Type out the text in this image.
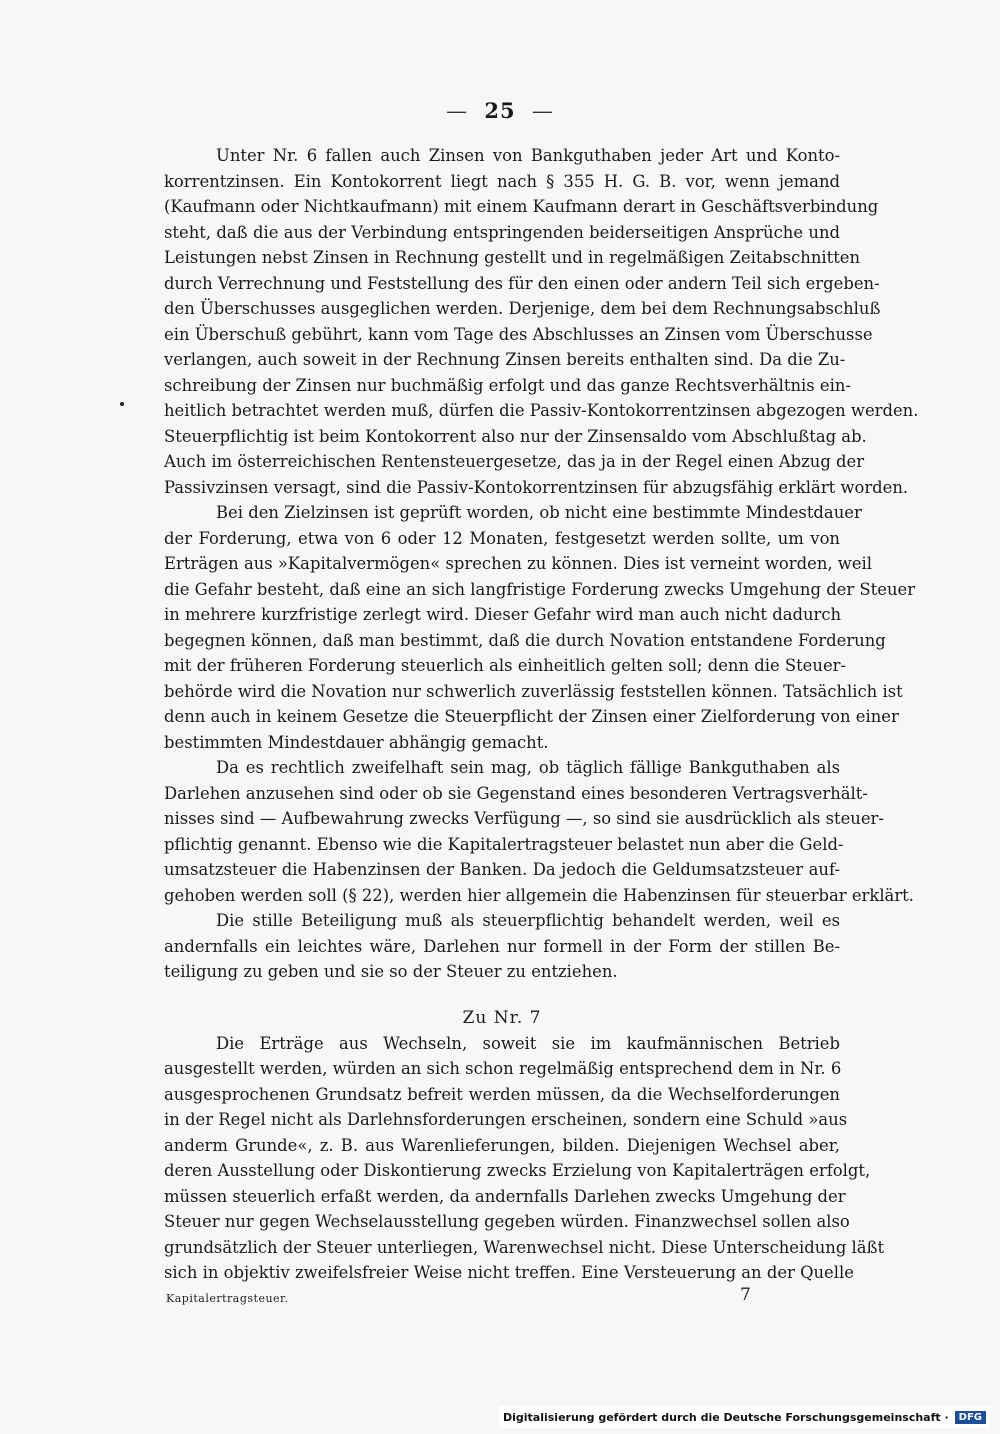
— 25 —
Unter Nr. 6 fallen auch Zinsen von Bankguthaben jeder Art und Konto-
korrentzinsen. Ein Kontokorrent liegt nach § 355 H. G. B. vor, wenn jemand
(Kaufmann oder Nichtkaufmann) mit einem Kaufmann derart in Geschäftsverbindung
steht, daß die aus der Verbindung entspringenden beiderseitigen Ansprüche und
Leistungen nebst Zinsen in Rechnung gestellt und in regelmäßigen Zeitabschnitten
durch Verrechnung und Feststellung des für den einen oder andern Teil sich ergeben-
den Überschusses ausgeglichen werden. Derjenige, dem bei dem Rechnungsabschluß
ein Überschuß gebührt, kann vom Tage des Abschlusses an Zinsen vom Überschusse
verlangen, auch soweit in der Rechnung Zinsen bereits enthalten sind. Da die Zu-
schreibung der Zinsen nur buchmäßig erfolgt und das ganze Rechtsverhältnis ein-
heitlich betrachtet werden muß, dürfen die Passiv-Kontokorrentzinsen abgezogen werden.
Steuerpflichtig ist beim Kontokorrent also nur der Zinsensaldo vom Abschlußtag ab.
Auch im österreichischen Rentensteuergesetze, das ja in der Regel einen Abzug der
Passivzinsen versagt, sind die Passiv-Kontokorrentzinsen für abzugsfähig erklärt worden.
Bei den Zielzinsen ist geprüft worden, ob nicht eine bestimmte Mindestdauer
der Forderung, etwa von 6 oder 12 Monaten, festgesetzt werden sollte, um von
Erträgen aus »Kapitalvermögen« sprechen zu können. Dies ist verneint worden, weil
die Gefahr besteht, daß eine an sich langfristige Forderung zwecks Umgehung der Steuer
in mehrere kurzfristige zerlegt wird. Dieser Gefahr wird man auch nicht dadurch
begegnen können, daß man bestimmt, daß die durch Novation entstandene Forderung
mit der früheren Forderung steuerlich als einheitlich gelten soll; denn die Steuer-
behörde wird die Novation nur schwerlich zuverlässig feststellen können. Tatsächlich ist
denn auch in keinem Gesetze die Steuerpflicht der Zinsen einer Zielforderung von einer
bestimmten Mindestdauer abhängig gemacht.
Da es rechtlich zweifelhaft sein mag, ob täglich fällige Bankguthaben als
Darlehen anzusehen sind oder ob sie Gegenstand eines besonderen Vertragsverhält-
nisses sind — Aufbewahrung zwecks Verfügung —, so sind sie ausdrücklich als steuer-
pflichtig genannt. Ebenso wie die Kapitalertragsteuer belastet nun aber die Geld-
umsatzsteuer die Habenzinsen der Banken. Da jedoch die Geldumsatzsteuer auf-
gehoben werden soll (§ 22), werden hier allgemein die Habenzinsen für steuerbar erklärt.
Die stille Beteiligung muß als steuerpflichtig behandelt werden, weil es
andernfalls ein leichtes wäre, Darlehen nur formell in der Form der stillen Be-
teiligung zu geben und sie so der Steuer zu entziehen.
Zu Nr. 7
Die Erträge aus Wechseln, soweit sie im kaufmännischen Betrieb
ausgestellt werden, würden an sich schon regelmäßig entsprechend dem in Nr. 6
ausgesprochenen Grundsatz befreit werden müssen, da die Wechselforderungen
in der Regel nicht als Darlehnsforderungen erscheinen, sondern eine Schuld »aus
anderm Grunde«, z. B. aus Warenlieferungen, bilden. Diejenigen Wechsel aber,
deren Ausstellung oder Diskontierung zwecks Erzielung von Kapitalerträgen erfolgt,
müssen steuerlich erfaßt werden, da andernfalls Darlehen zwecks Umgehung der
Steuer nur gegen Wechselausstellung gegeben würden. Finanzwechsel sollen also
grundsätzlich der Steuer unterliegen, Warenwechsel nicht. Diese Unterscheidung läßt
sich in objektiv zweifelsfreier Weise nicht treffen. Eine Versteuerung an der Quelle
Kapitalertragsteuer.	7
Digitalisierung gefördert durch die Deutsche Forschungsgemeinschaft ·	DFG
